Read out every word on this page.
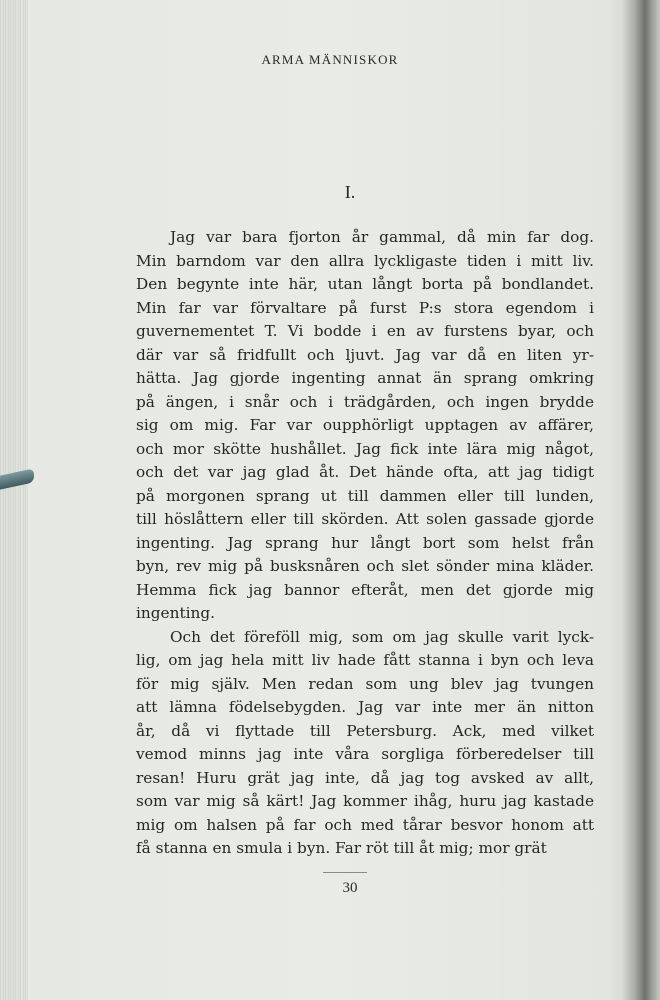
ARMA MÄNNISKOR
I.
Jag var bara fjorton år gammal, då min far dog.
Min barndom var den allra lyckligaste tiden i mitt liv.
Den begynte inte här, utan långt borta på bondlandet.
Min far var förvaltare på furst P:s stora egendom i
guvernementet T. Vi bodde i en av furstens byar, och
där var så fridfullt och ljuvt. Jag var då en liten yr-
hätta. Jag gjorde ingenting annat än sprang omkring
på ängen, i snår och i trädgården, och ingen brydde
sig om mig. Far var oupphörligt upptagen av affärer,
och mor skötte hushållet. Jag fick inte lära mig något,
och det var jag glad åt. Det hände ofta, att jag tidigt
på morgonen sprang ut till dammen eller till lunden,
till höslåttern eller till skörden. Att solen gassade gjorde
ingenting. Jag sprang hur långt bort som helst från
byn, rev mig på busksnåren och slet sönder mina kläder.
Hemma fick jag bannor efteråt, men det gjorde mig
ingenting.
Och det föreföll mig, som om jag skulle varit lyck-
lig, om jag hela mitt liv hade fått stanna i byn och leva
för mig själv. Men redan som ung blev jag tvungen
att lämna födelsebygden. Jag var inte mer än nitton
år, då vi flyttade till Petersburg. Ack, med vilket
vemod minns jag inte våra sorgliga förberedelser till
resan! Huru grät jag inte, då jag tog avsked av allt,
som var mig så kärt! Jag kommer ihåg, huru jag kastade
mig om halsen på far och med tårar besvor honom att
få stanna en smula i byn. Far röt till åt mig; mor grät
30
